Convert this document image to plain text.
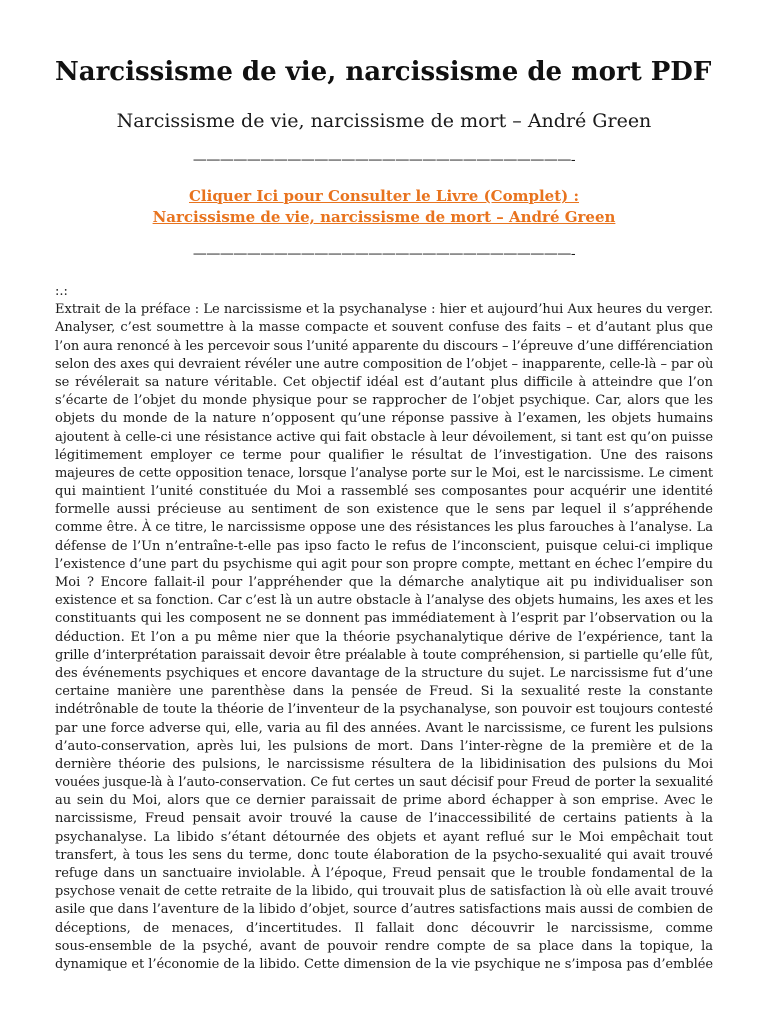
Narcissisme de vie, narcissisme de mort PDF
Narcissisme de vie, narcissisme de mort – André Green
————————————————————————————-
Cliquer Ici pour Consulter le Livre (Complet) :
Narcissisme de vie, narcissisme de mort – André Green
————————————————————————————-
:.:
Extrait de la préface : Le narcissisme et la psychanalyse : hier et aujourd’hui Aux heures du verger.
Analyser, c’est soumettre à la masse compacte et souvent confuse des faits – et d’autant plus que
l’on aura renoncé à les percevoir sous l’unité apparente du discours – l’épreuve d’une différenciation
selon des axes qui devraient révéler une autre composition de l’objet – inapparente, celle-là – par où
se révélerait sa nature véritable. Cet objectif idéal est d’autant plus difficile à atteindre que l’on
s’écarte de l’objet du monde physique pour se rapprocher de l’objet psychique. Car, alors que les
objets du monde de la nature n’opposent qu’une réponse passive à l’examen, les objets humains
ajoutent à celle-ci une résistance active qui fait obstacle à leur dévoilement, si tant est qu’on puisse
légitimement employer ce terme pour qualifier le résultat de l’investigation. Une des raisons
majeures de cette opposition tenace, lorsque l’analyse porte sur le Moi, est le narcissisme. Le ciment
qui maintient l’unité constituée du Moi a rassemblé ses composantes pour acquérir une identité
formelle aussi précieuse au sentiment de son existence que le sens par lequel il s’appréhende
comme être. À ce titre, le narcissisme oppose une des résistances les plus farouches à l’analyse. La
défense de l’Un n’entraîne-t-elle pas ipso facto le refus de l’inconscient, puisque celui-ci implique
l’existence d’une part du psychisme qui agit pour son propre compte, mettant en échec l’empire du
Moi ? Encore fallait-il pour l’appréhender que la démarche analytique ait pu individualiser son
existence et sa fonction. Car c’est là un autre obstacle à l’analyse des objets humains, les axes et les
constituants qui les composent ne se donnent pas immédiatement à l’esprit par l’observation ou la
déduction. Et l’on a pu même nier que la théorie psychanalytique dérive de l’expérience, tant la
grille d’interprétation paraissait devoir être préalable à toute compréhension, si partielle qu’elle fût,
des événements psychiques et encore davantage de la structure du sujet. Le narcissisme fut d’une
certaine manière une parenthèse dans la pensée de Freud. Si la sexualité reste la constante
indétrônable de toute la théorie de l’inventeur de la psychanalyse, son pouvoir est toujours contesté
par une force adverse qui, elle, varia au fil des années. Avant le narcissisme, ce furent les pulsions
d’auto-conservation, après lui, les pulsions de mort. Dans l’inter-règne de la première et de la
dernière théorie des pulsions, le narcissisme résultera de la libidinisation des pulsions du Moi
vouées jusque-là à l’auto-conservation. Ce fut certes un saut décisif pour Freud de porter la sexualité
au sein du Moi, alors que ce dernier paraissait de prime abord échapper à son emprise. Avec le
narcissisme, Freud pensait avoir trouvé la cause de l’inaccessibilité de certains patients à la
psychanalyse. La libido s’étant détournée des objets et ayant reflué sur le Moi empêchait tout
transfert, à tous les sens du terme, donc toute élaboration de la psycho-sexualité qui avait trouvé
refuge dans un sanctuaire inviolable. À l’époque, Freud pensait que le trouble fondamental de la
psychose venait de cette retraite de la libido, qui trouvait plus de satisfaction là où elle avait trouvé
asile que dans l’aventure de la libido d’objet, source d’autres satisfactions mais aussi de combien de
déceptions, de menaces, d’incertitudes. Il fallait donc découvrir le narcissisme, comme
sous-ensemble de la psyché, avant de pouvoir rendre compte de sa place dans la topique, la
dynamique et l’économie de la libido. Cette dimension de la vie psychique ne s’imposa pas d’emblée
